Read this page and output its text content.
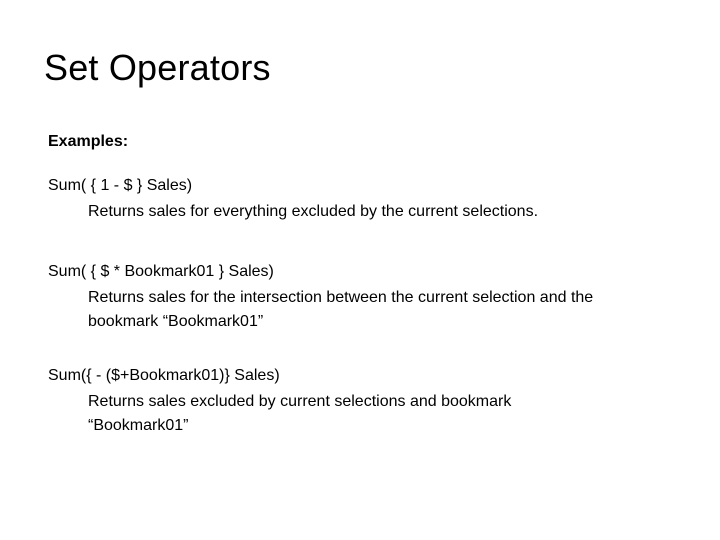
Set Operators
Examples:
Sum( { 1 - $ } Sales)
Returns sales for everything excluded by the current selections.
Sum( { $ * Bookmark01 } Sales)
Returns sales for the intersection between the current selection and the
bookmark “Bookmark01”
Sum({ - ($+Bookmark01)} Sales)
Returns sales excluded by current selections and bookmark
“Bookmark01”
